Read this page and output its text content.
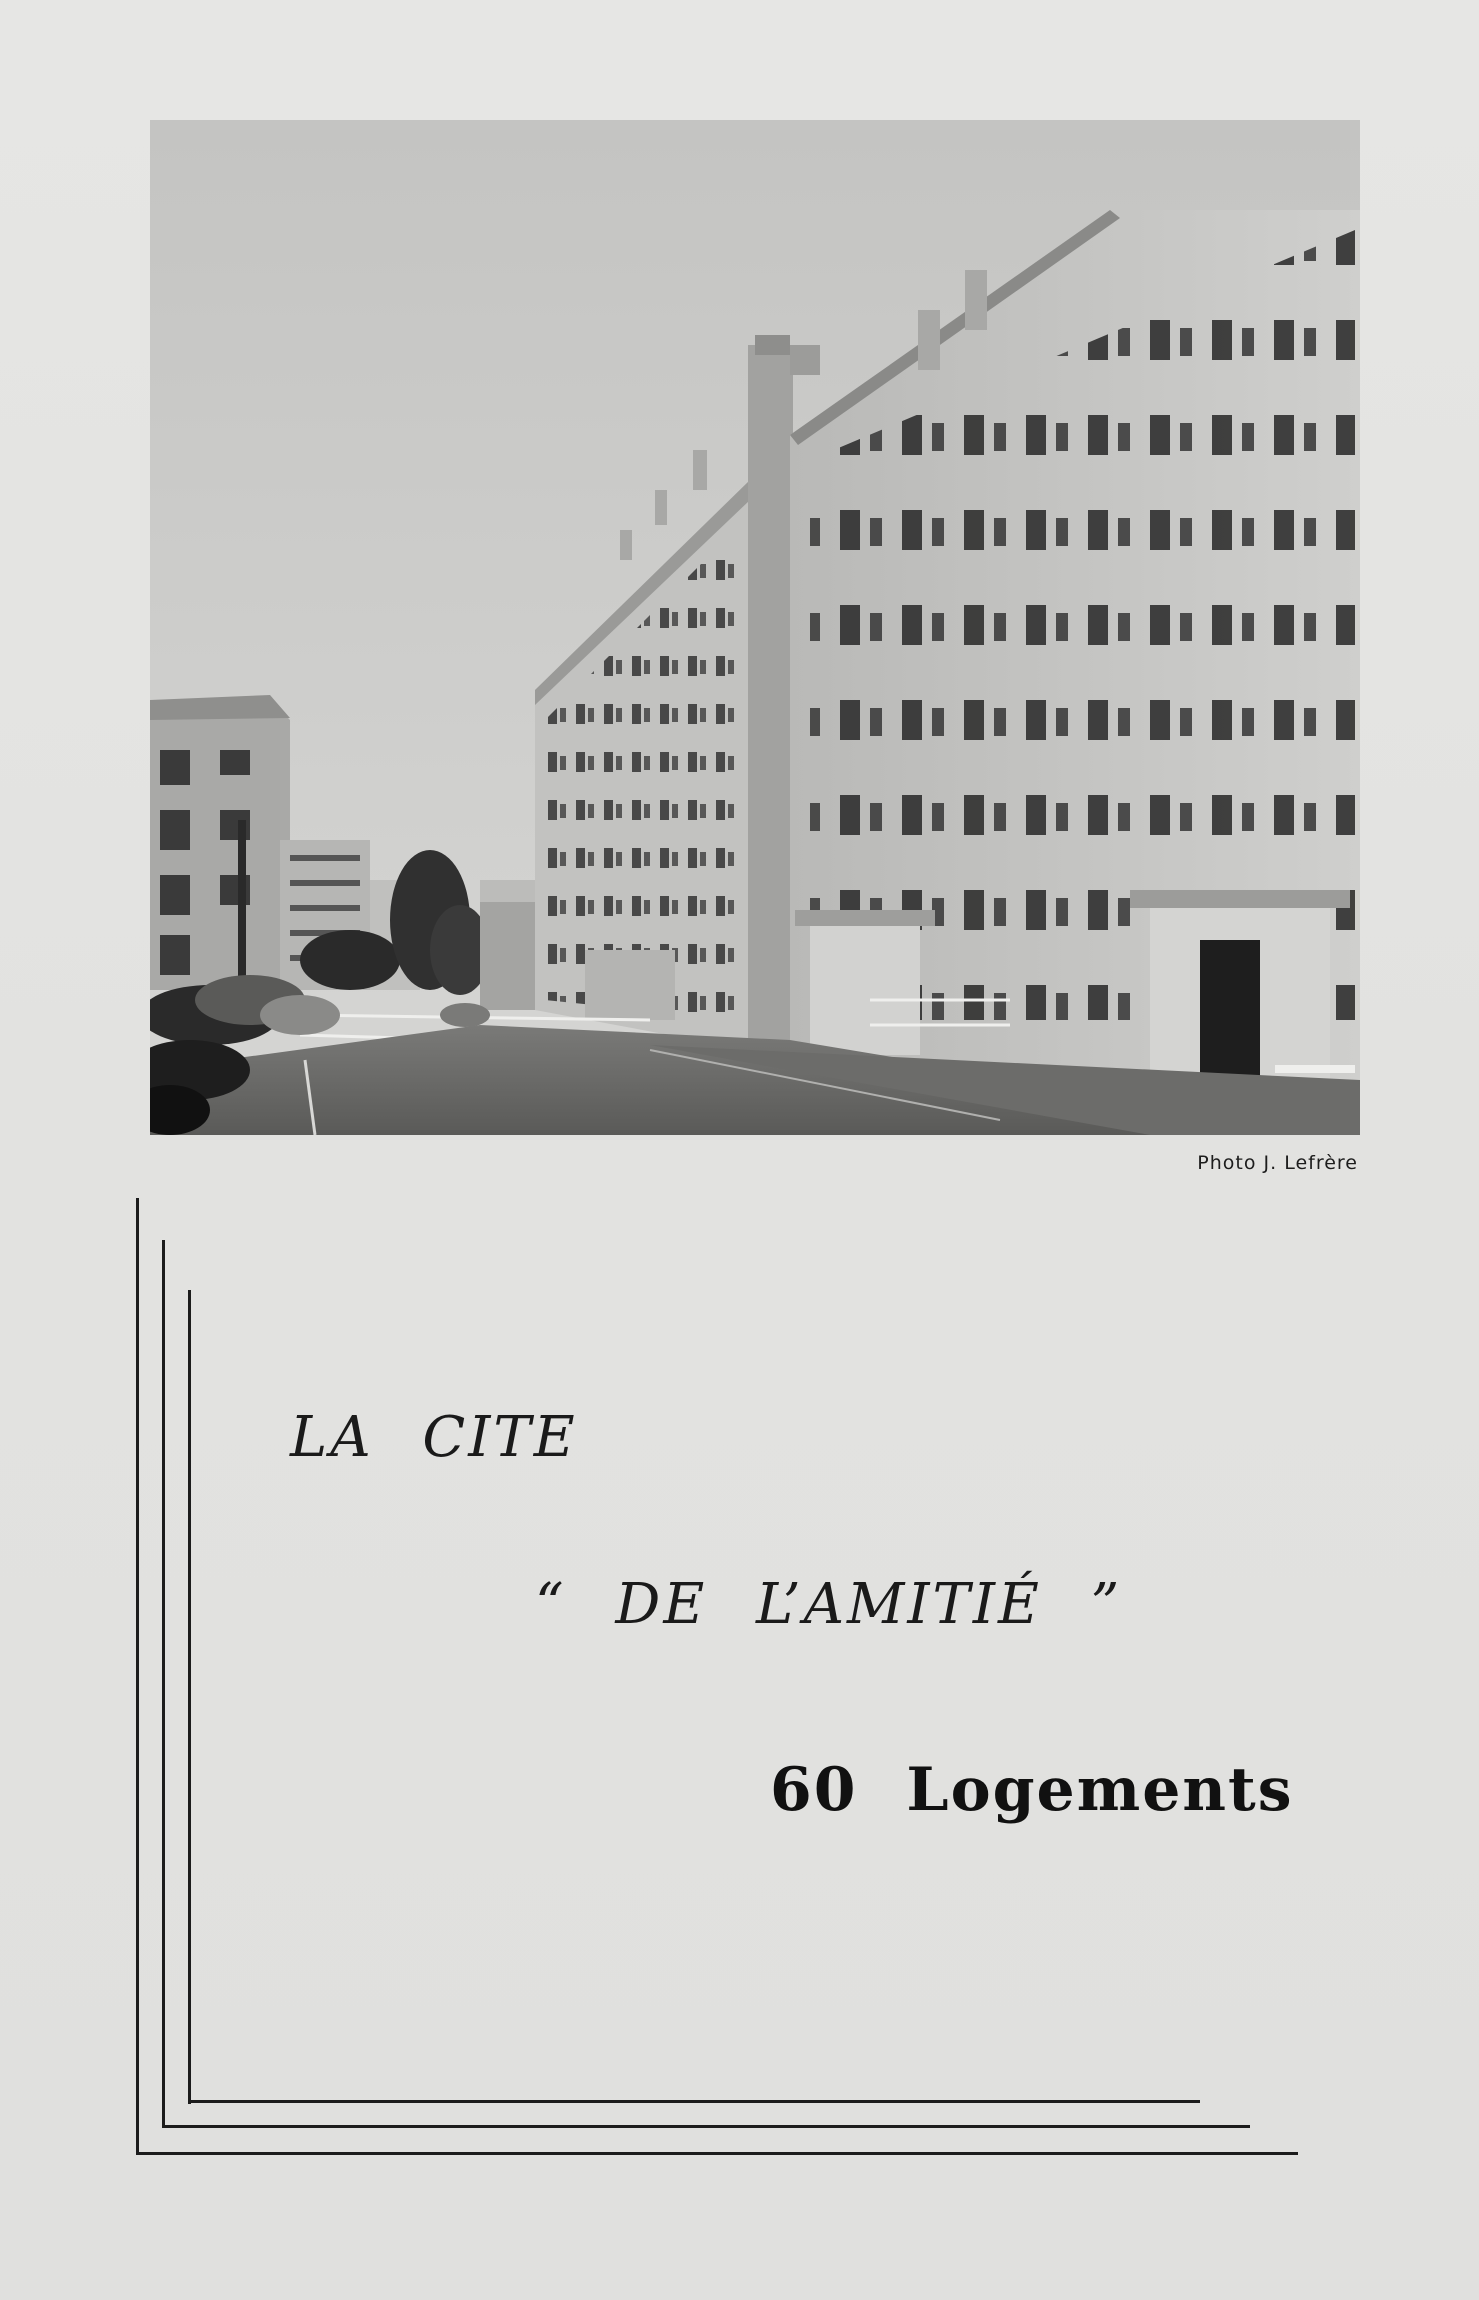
Photo J. Lefrère
LA CITE
“ DE L’AMITIÉ ”
60 Logements
